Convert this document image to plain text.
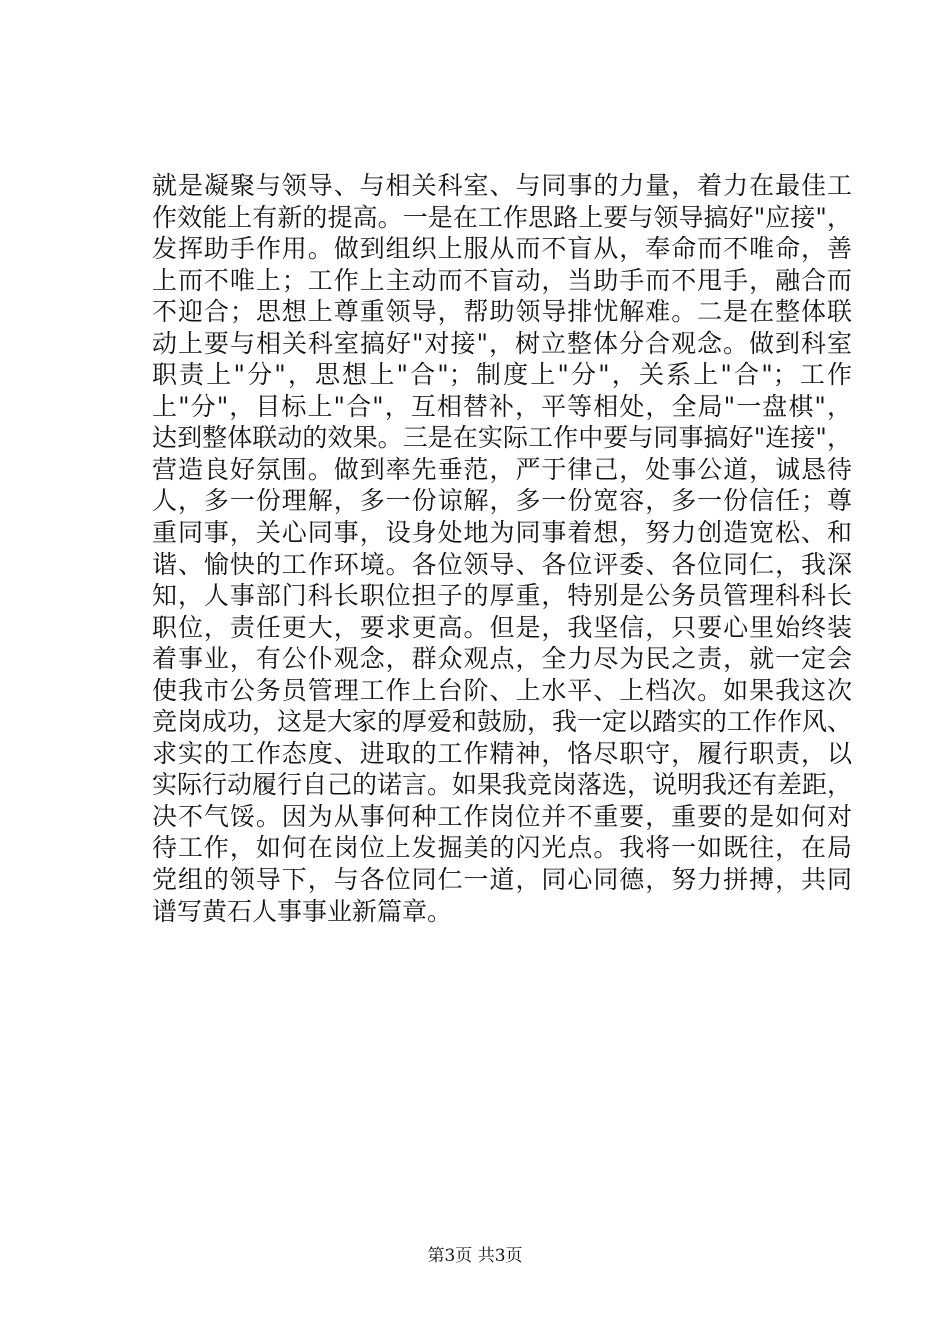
就是凝聚与领导、与相关科室、与同事的力量，着力在最佳工
作效能上有新的提高。一是在工作思路上要与领导搞好"应接"，
发挥助手作用。做到组织上服从而不盲从，奉命而不唯命，善
上而不唯上；工作上主动而不盲动，当助手而不甩手，融合而
不迎合；思想上尊重领导，帮助领导排忧解难。二是在整体联
动上要与相关科室搞好"对接"，树立整体分合观念。做到科室
职责上"分"，思想上"合"；制度上"分"，关系上"合"；工作
上"分"，目标上"合"，互相替补，平等相处，全局"一盘棋"，
达到整体联动的效果。三是在实际工作中要与同事搞好"连接"，
营造良好氛围。做到率先垂范，严于律己，处事公道，诚恳待
人，多一份理解，多一份谅解，多一份宽容，多一份信任；尊
重同事，关心同事，设身处地为同事着想，努力创造宽松、和
谐、愉快的工作环境。各位领导、各位评委、各位同仁，我深
知，人事部门科长职位担子的厚重，特别是公务员管理科科长
职位，责任更大，要求更高。但是，我坚信，只要心里始终装
着事业，有公仆观念，群众观点，全力尽为民之责，就一定会
使我市公务员管理工作上台阶、上水平、上档次。如果我这次
竞岗成功，这是大家的厚爱和鼓励，我一定以踏实的工作作风、
求实的工作态度、进取的工作精神，恪尽职守，履行职责，以
实际行动履行自己的诺言。如果我竞岗落选，说明我还有差距，
决不气馁。因为从事何种工作岗位并不重要，重要的是如何对
待工作，如何在岗位上发掘美的闪光点。我将一如既往，在局
党组的领导下，与各位同仁一道，同心同德，努力拼搏，共同
谱写黄石人事事业新篇章。
第3页 共3页
